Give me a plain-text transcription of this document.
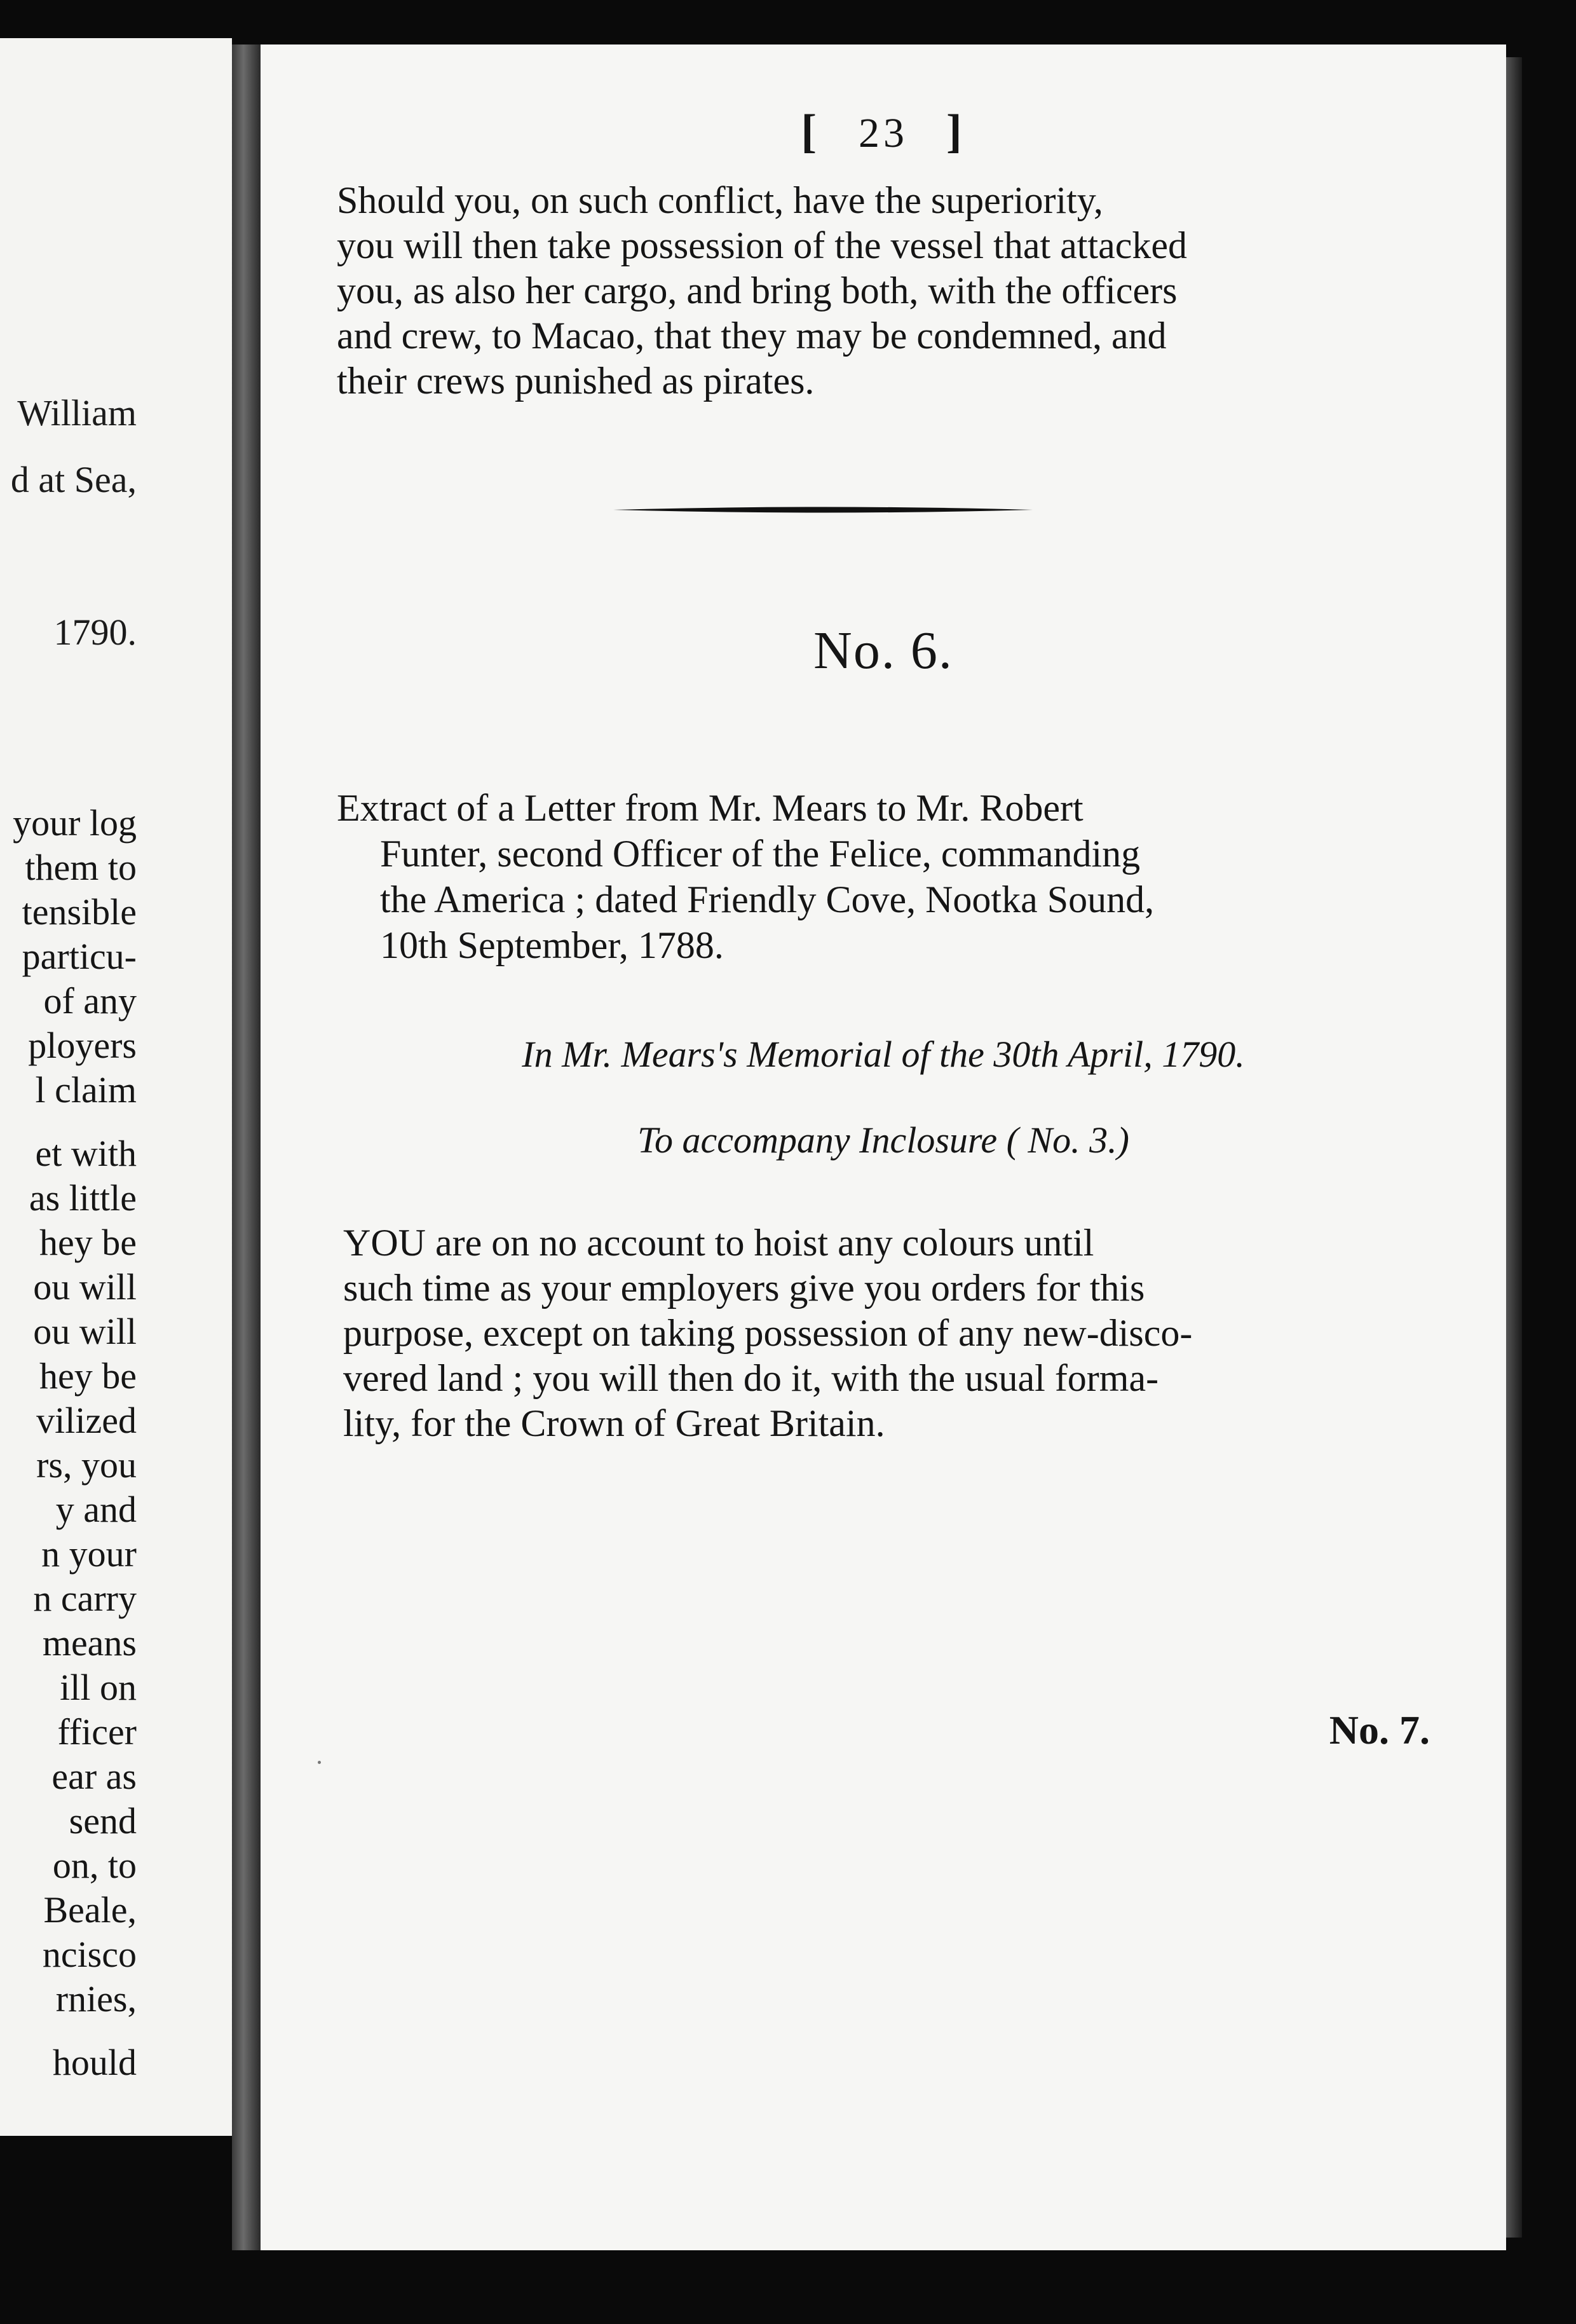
William
d at Sea,
1790.
your log
them to
tensible
particu-
of any
ployers
l claim
et with
as little
hey be
ou will
ou will
hey be
vilized
rs, you
y and
n your
n carry
means
ill on
fficer
ear as
send
on, to
Beale,
ncisco
rnies,
hould
[ 23 ]
Should you, on such conflict, have the superiority,
you will then take possession of the vessel that attacked
you, as also her cargo, and bring both, with the officers
and crew, to Macao, that they may be condemned, and
their crews punished as pirates.
No. 6.
Extract of a Letter from Mr. Mears to Mr. Robert
Funter, second Officer of the Felice, commanding
the America ; dated Friendly Cove, Nootka Sound,
10th September, 1788.
In Mr. Mears's Memorial of the 30th April, 1790.
To accompany Inclosure ( No. 3.)
YOU are on no account to hoist any colours until
such time as your employers give you orders for this
purpose, except on taking possession of any new-disco-
vered land ; you will then do it, with the usual forma-
lity, for the Crown of Great Britain.
No. 7.
